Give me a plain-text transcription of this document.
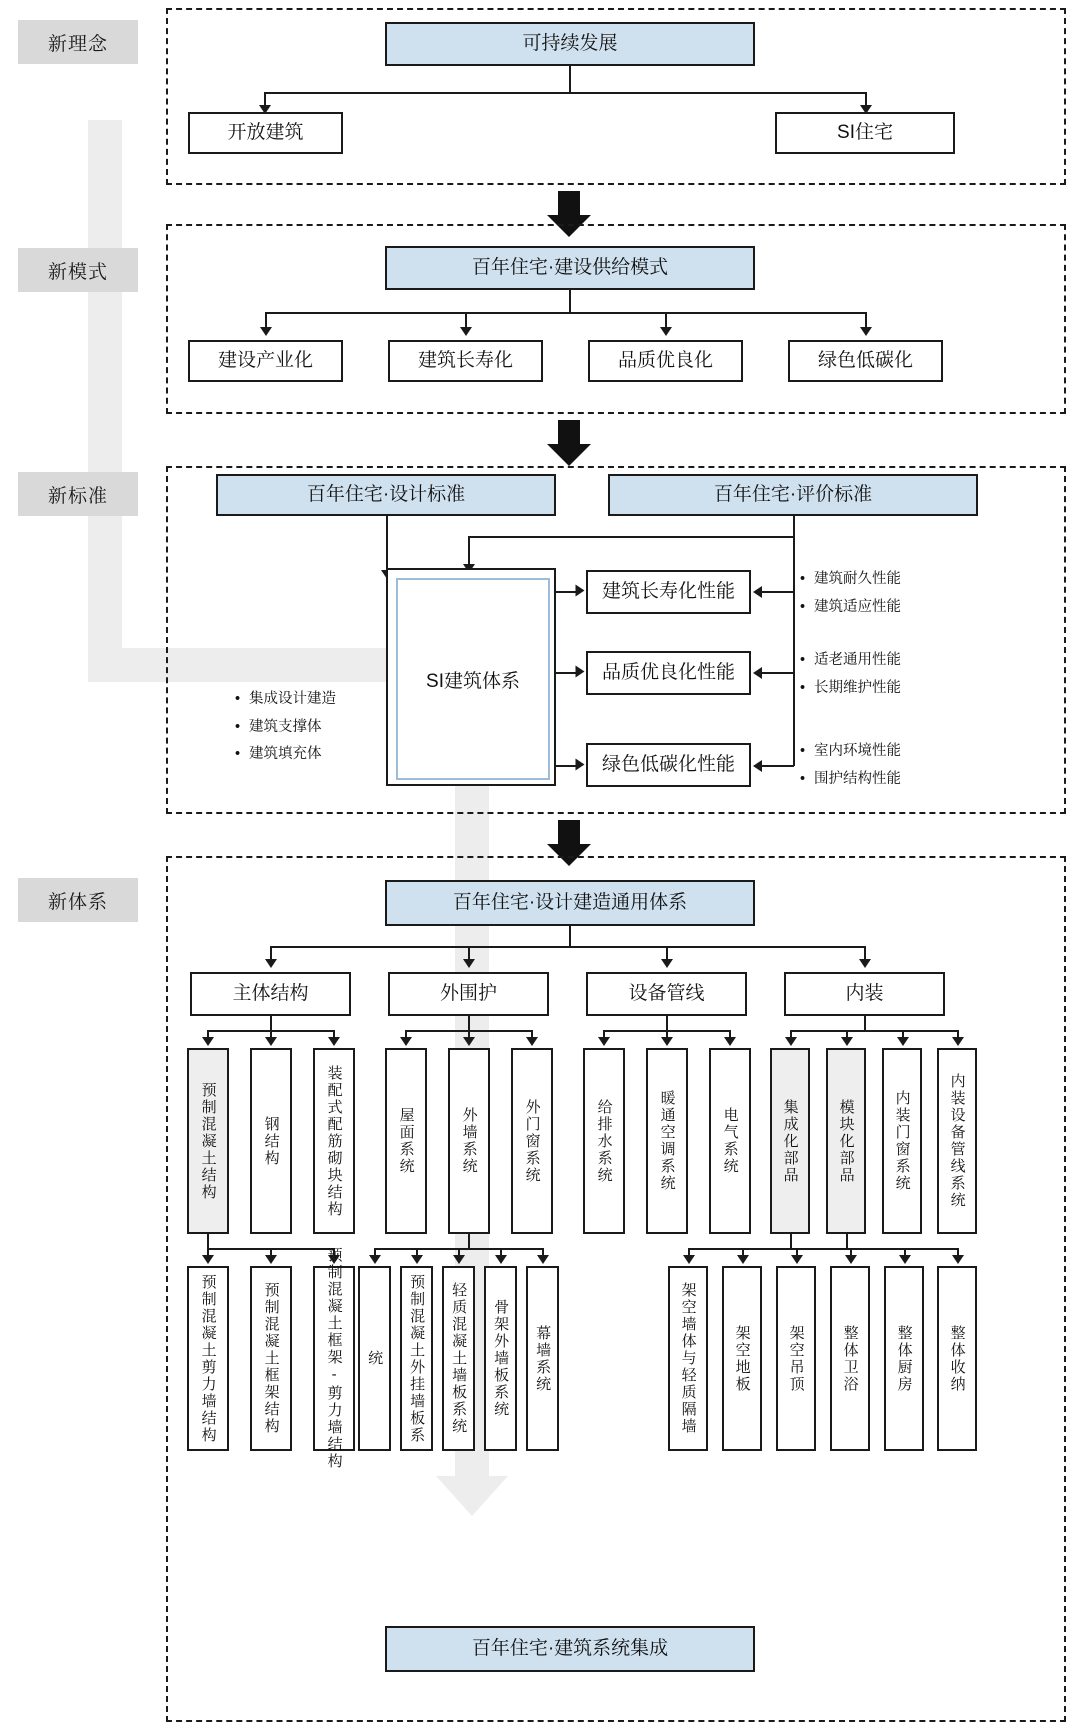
新理念
新模式
新标准
新体系
可持续发展
开放建筑	SI住宅
百年住宅·建设供给模式
建设产业化	建筑长寿化	品质优良化	绿色低碳化
百年住宅·设计标准	百年住宅·评价标准
SI建筑体系
建筑长寿化性能
品质优良化性能
绿色低碳化性能
• 建筑耐久性能
• 建筑适应性能
• 适老通用性能
• 长期维护性能
• 室内环境性能
• 围护结构性能
• 集成设计建造
• 建筑支撑体
• 建筑填充体
百年住宅·设计建造通用体系
主体结构	外围护	设备管线	内装
预制混凝土结构	钢结构	装配式配筋砌块结构
预制混凝土剪力墙结构	预制混凝土框架结构	预制混凝土框架-剪力墙结构
屋面系统	外墙系统	外门窗系统
统 预制混凝土外挂墙板系 轻质混凝土墙板系统 骨架外墙板系统 幕墙系统
给排水系统	暖通空调系统	电气系统	集成化部品	模块化部品	内装门窗系统	内装设备管线系统
架空墙体与轻质隔墙 架空地板 架空吊顶 整体卫浴 整体厨房 整体收纳
百年住宅·建筑系统集成
